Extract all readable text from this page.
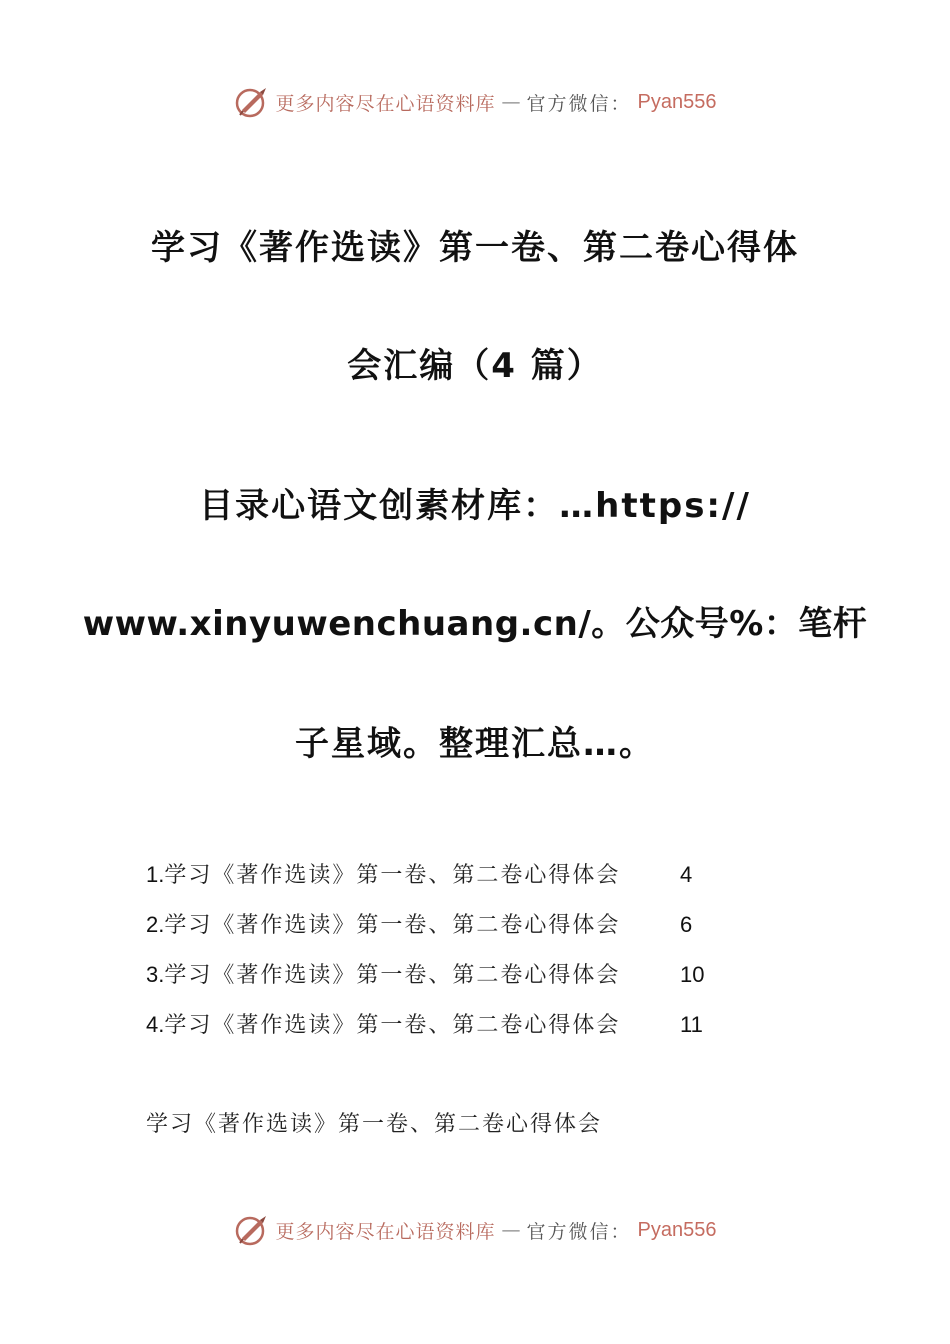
更多内容尽在心语资料库 — 官方微信： Pyan556
学习《著作选读》第一卷、第二卷心得体
会汇编（4 篇）
目录心语文创素材库：…https://
www.xinyuwenchuang.cn/。公众号%：笔杆
子星域。整理汇总…。
1.学习《著作选读》第一卷、第二卷心得体会	4
2.学习《著作选读》第一卷、第二卷心得体会	6
3.学习《著作选读》第一卷、第二卷心得体会	10
4.学习《著作选读》第一卷、第二卷心得体会	11
学习《著作选读》第一卷、第二卷心得体会
更多内容尽在心语资料库 — 官方微信： Pyan556
